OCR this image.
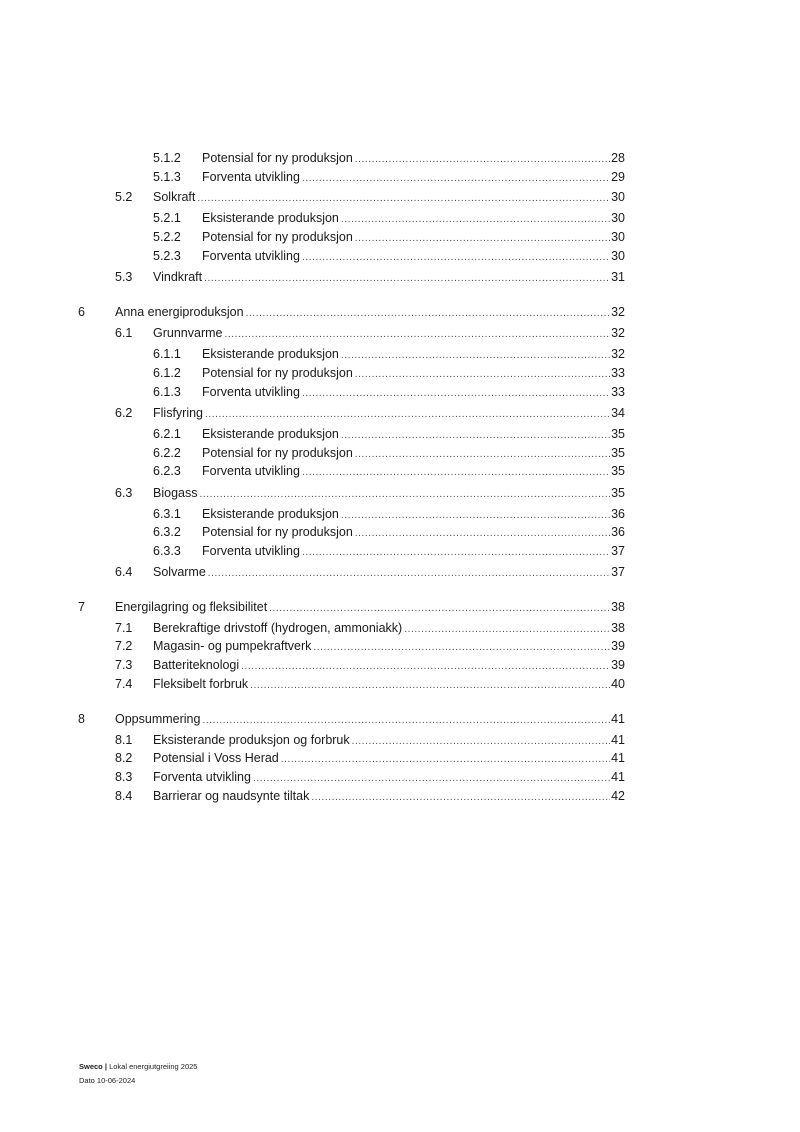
5.1.2	Potensial for ny produksjon .....	28
5.1.3	Forventa utvikling .....	29
5.2	Solkraft .....	30
5.2.1	Eksisterande produksjon .....	30
5.2.2	Potensial for ny produksjon .....	30
5.2.3	Forventa utvikling .....	30
5.3	Vindkraft .....	31
6	Anna energiproduksjon .....	32
6.1	Grunnvarme .....	32
6.1.1	Eksisterande produksjon .....	32
6.1.2	Potensial for ny produksjon .....	33
6.1.3	Forventa utvikling .....	33
6.2	Flisfyring .....	34
6.2.1	Eksisterande produksjon .....	35
6.2.2	Potensial for ny produksjon .....	35
6.2.3	Forventa utvikling .....	35
6.3	Biogass .....	35
6.3.1	Eksisterande produksjon .....	36
6.3.2	Potensial for ny produksjon .....	36
6.3.3	Forventa utvikling .....	37
6.4	Solvarme .....	37
7	Energilagring og fleksibilitet .....	38
7.1	Berekraftige drivstoff (hydrogen, ammoniakk) .....	38
7.2	Magasin- og pumpekraftverk .....	39
7.3	Batteriteknologi .....	39
7.4	Fleksibelt forbruk .....	40
8	Oppsummering .....	41
8.1	Eksisterande produksjon og forbruk .....	41
8.2	Potensial i Voss Herad .....	41
8.3	Forventa utvikling .....	41
8.4	Barrierar og naudsynte tiltak .....	42
Sweco | Lokal energiutgreiing 2025
Dato 10-06-2024
